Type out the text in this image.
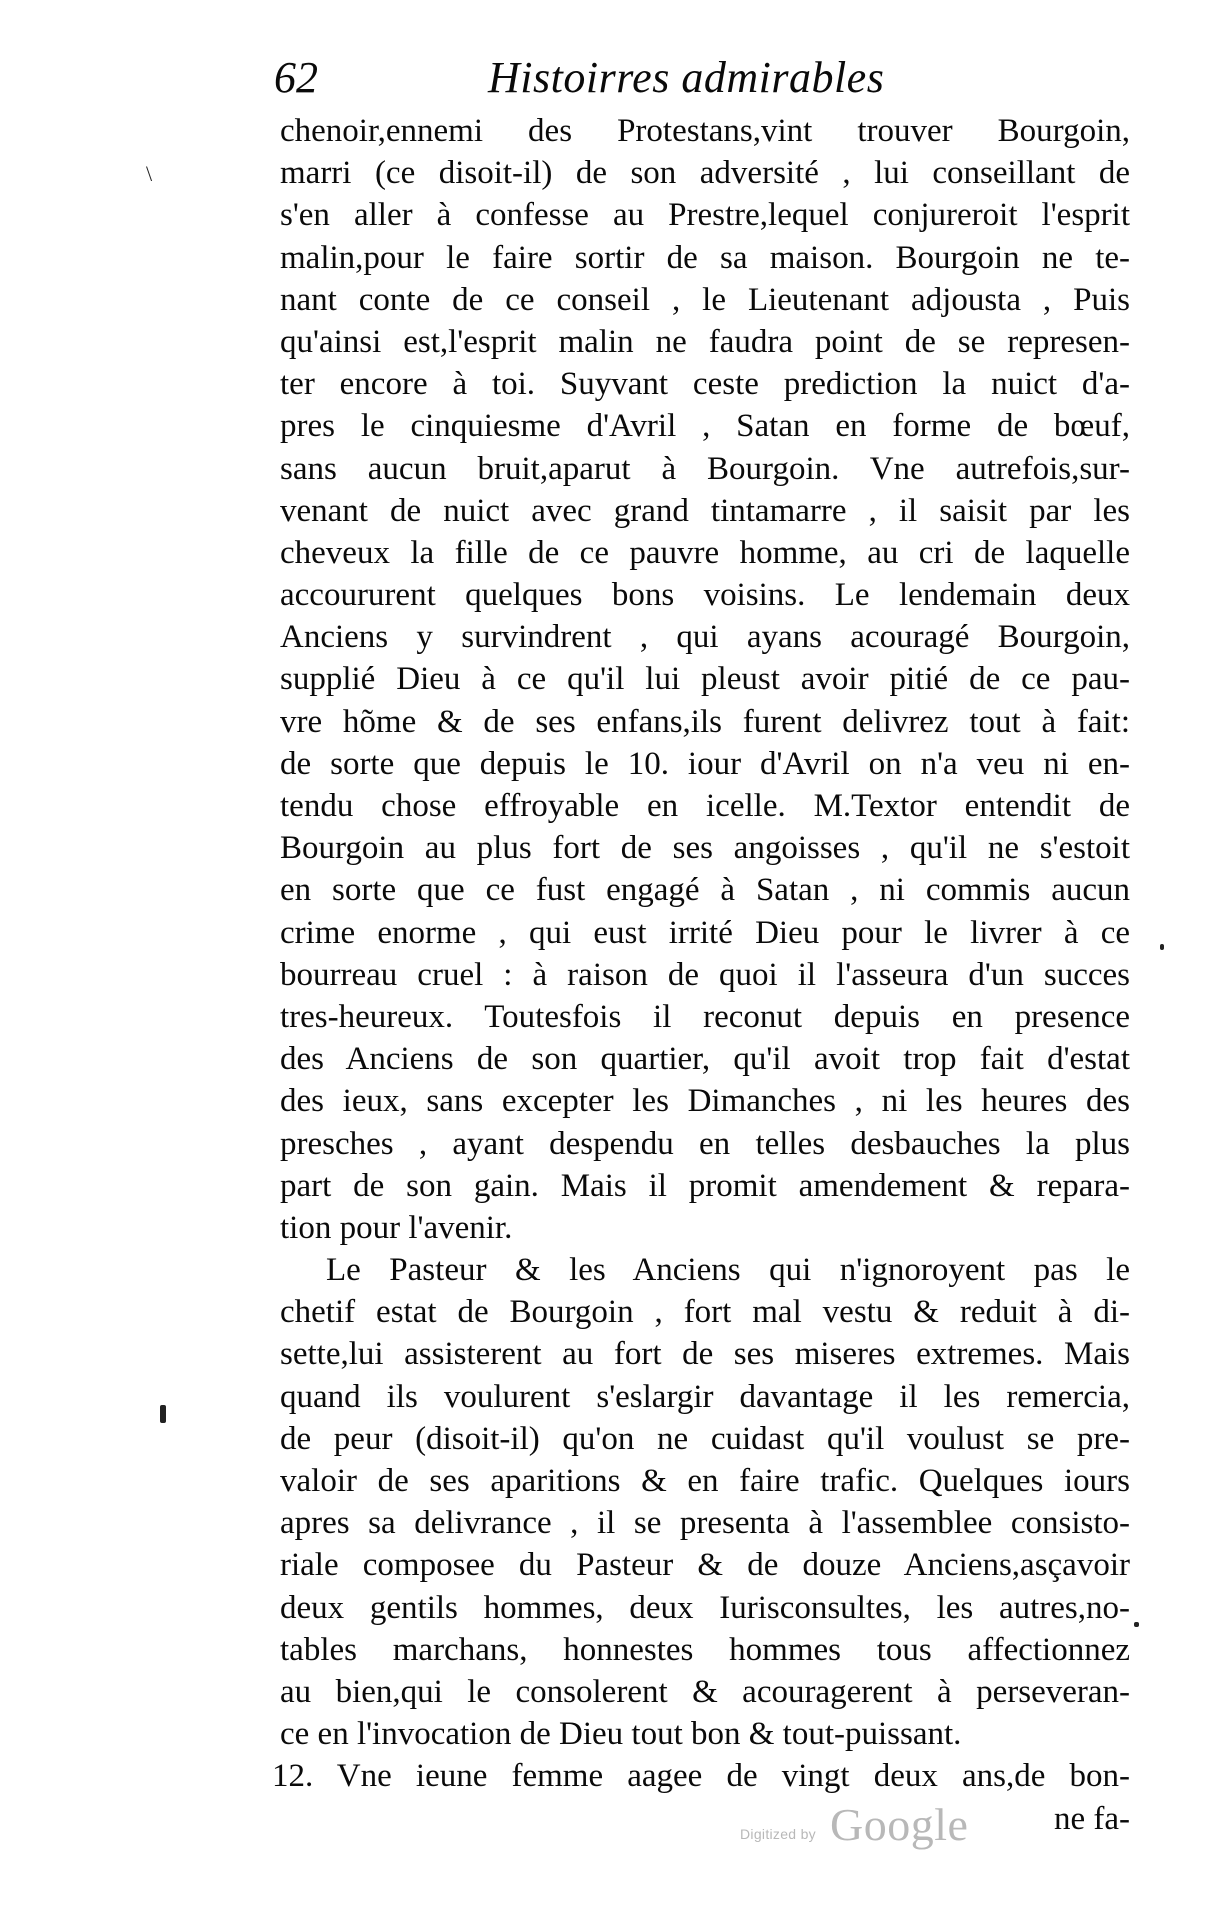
62	Histoirres admirables
chenoir,ennemi des Protestans,vint trouver Bourgoin,
marri (ce disoit-il) de son adversité , lui conseillant de
s'en aller à confesse au Prestre,lequel conjureroit l'esprit
malin,pour le faire sortir de sa maison. Bourgoin ne te-
nant conte de ce conseil , le Lieutenant adjousta , Puis
qu'ainsi est,l'esprit malin ne faudra point de se represen-
ter encore à toi. Suyvant ceste prediction la nuict d'a-
pres le cinquiesme d'Avril , Satan en forme de bœuf,
sans aucun bruit,aparut à Bourgoin. Vne autrefois,sur-
venant de nuict avec grand tintamarre , il saisit par les
cheveux la fille de ce pauvre homme, au cri de laquelle
accoururent quelques bons voisins. Le lendemain deux
Anciens y survindrent , qui ayans acouragé Bourgoin,
supplié Dieu à ce qu'il lui pleust avoir pitié de ce pau-
vre hõme & de ses enfans,ils furent delivrez tout à fait:
de sorte que depuis le 10. iour d'Avril on n'a veu ni en-
tendu chose effroyable en icelle. M.Textor entendit de
Bourgoin au plus fort de ses angoisses , qu'il ne s'estoit
en sorte que ce fust engagé à Satan , ni commis aucun
crime enorme , qui eust irrité Dieu pour le livrer à ce
bourreau cruel : à raison de quoi il l'asseura d'un succes
tres-heureux. Toutesfois il reconut depuis en presence
des Anciens de son quartier, qu'il avoit trop fait d'estat
des ieux, sans excepter les Dimanches , ni les heures des
presches , ayant despendu en telles desbauches la plus
part de son gain. Mais il promit amendement & repara-
tion pour l'avenir.
Le Pasteur & les Anciens qui n'ignoroyent pas le
chetif estat de Bourgoin , fort mal vestu & reduit à di-
sette,lui assisterent au fort de ses miseres extremes. Mais
quand ils voulurent s'eslargir davantage il les remercia,
de peur (disoit-il) qu'on ne cuidast qu'il voulust se pre-
valoir de ses aparitions & en faire trafic. Quelques iours
apres sa delivrance , il se presenta à l'assemblee consisto-
riale composee du Pasteur & de douze Anciens,asçavoir
deux gentils hommes, deux Iurisconsultes, les autres,no-
tables marchans, honnestes hommes tous affectionnez
au bien,qui le consolerent & acouragerent à perseveran-
ce en l'invocation de Dieu tout bon & tout-puissant.
12. Vne ieune femme aagee de vingt deux ans,de bon-
ne fa-
\
Digitized by Google
